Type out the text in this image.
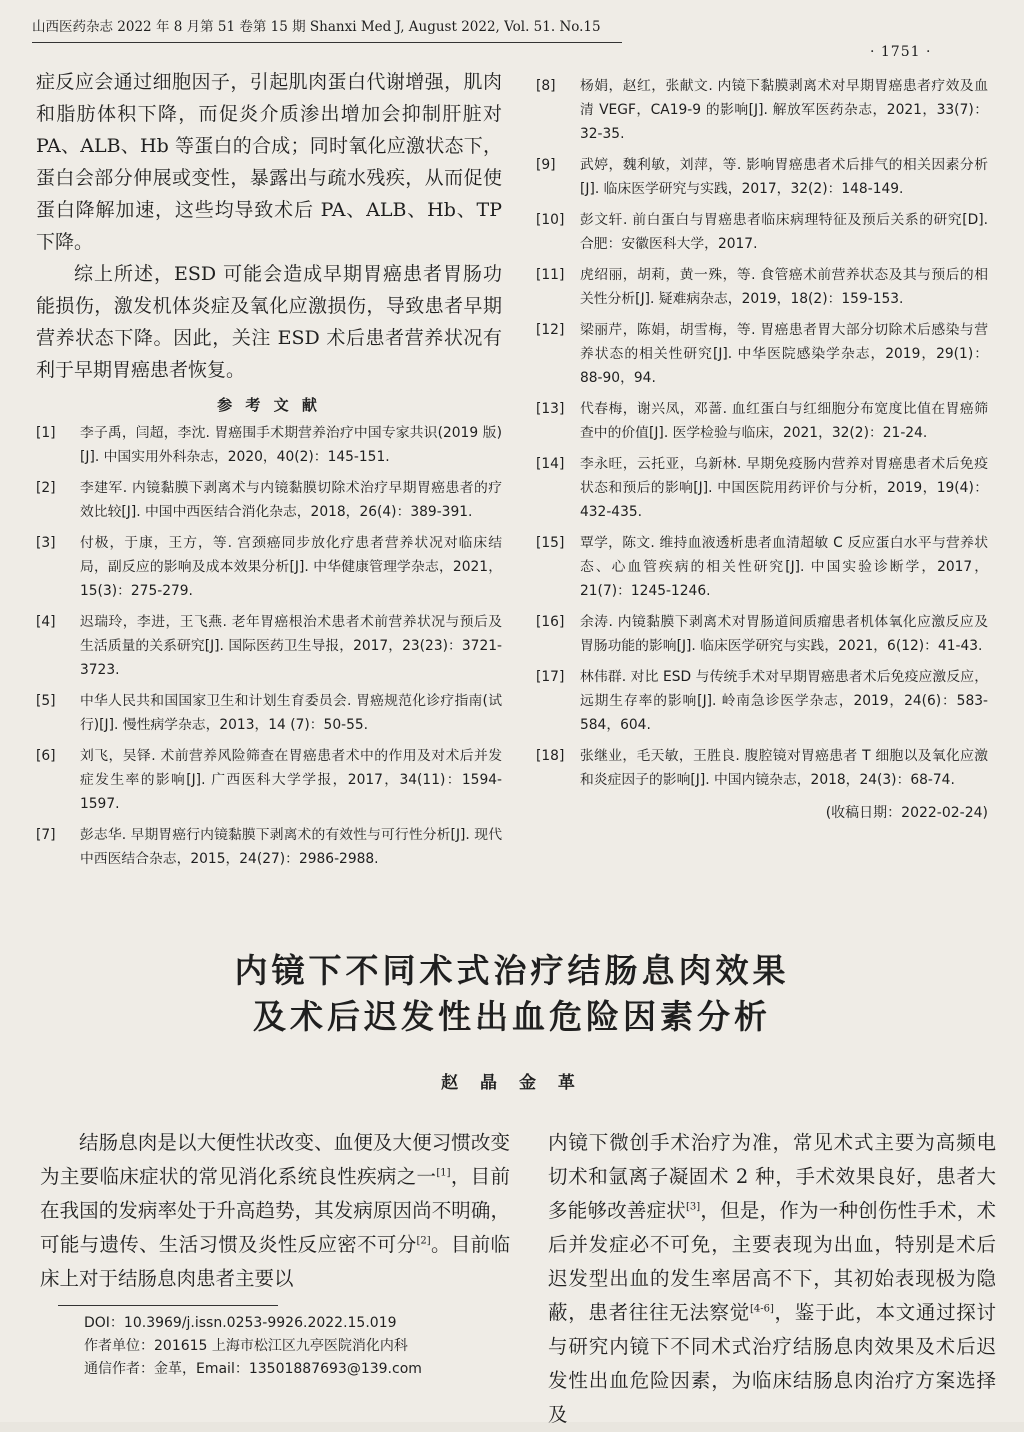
山西医药杂志 2022 年 8 月第 51 卷第 15 期 Shanxi Med J, August 2022, Vol. 51. No.15
· 1751 ·

症反应会通过细胞因子，引起肌肉蛋白代谢增强，肌肉和脂肪体积下降，而促炎介质渗出增加会抑制肝脏对 PA、ALB、Hb 等蛋白的合成；同时氧化应激状态下，蛋白会部分伸展或变性，暴露出与疏水残疾，从而促使蛋白降解加速，这些均导致术后 PA、ALB、Hb、TP 下降。

综上所述，ESD 可能会造成早期胃癌患者胃肠功能损伤，激发机体炎症及氧化应激损伤，导致患者早期营养状态下降。因此，关注 ESD 术后患者营养状况有利于早期胃癌患者恢复。

参 考 文 献
[1] 李子禹，闫超，李沈. 胃癌围手术期营养治疗中国专家共识(2019 版)[J]. 中国实用外科杂志，2020，40(2)：145-151.
[2] 李建军. 内镜黏膜下剥离术与内镜黏膜切除术治疗早期胃癌患者的疗效比较[J]. 中国中西医结合消化杂志，2018，26(4)：389-391.
[3] 付极，于康，王方，等. 宫颈癌同步放化疗患者营养状况对临床结局，副反应的影响及成本效果分析[J]. 中华健康管理学杂志，2021，15(3)：275-279.
[4] 迟瑞玲，李进，王飞燕. 老年胃癌根治术患者术前营养状况与预后及生活质量的关系研究[J]. 国际医药卫生导报，2017，23(23)：3721-3723.
[5] 中华人民共和国国家卫生和计划生育委员会. 胃癌规范化诊疗指南(试行)[J]. 慢性病学杂志，2013，14 (7)：50-55.
[6] 刘飞，吴铎. 术前营养风险筛查在胃癌患者术中的作用及对术后并发症发生率的影响[J]. 广西医科大学学报，2017，34(11)：1594-1597.
[7] 彭志华. 早期胃癌行内镜黏膜下剥离术的有效性与可行性分析[J]. 现代中西医结合杂志，2015，24(27)：2986-2988.
[8] 杨娟，赵红，张献文. 内镜下黏膜剥离术对早期胃癌患者疗效及血清 VEGF，CA19-9 的影响[J]. 解放军医药杂志，2021，33(7)：32-35.
[9] 武婷，魏利敏，刘萍，等. 影响胃癌患者术后排气的相关因素分析[J]. 临床医学研究与实践，2017，32(2)：148-149.
[10] 彭文轩. 前白蛋白与胃癌患者临床病理特征及预后关系的研究[D]. 合肥：安徽医科大学，2017.
[11] 虎绍丽，胡莉，黄一殊，等. 食管癌术前营养状态及其与预后的相关性分析[J]. 疑难病杂志，2019，18(2)：159-153.
[12] 梁丽芹，陈娟，胡雪梅，等. 胃癌患者胃大部分切除术后感染与营养状态的相关性研究[J]. 中华医院感染学杂志，2019，29(1)：88-90，94.
[13] 代春梅，谢兴凤，邓蔷. 血红蛋白与红细胞分布宽度比值在胃癌筛查中的价值[J]. 医学检验与临床，2021，32(2)：21-24.
[14] 李永旺，云托亚，乌新林. 早期免疫肠内营养对胃癌患者术后免疫状态和预后的影响[J]. 中国医院用药评价与分析，2019，19(4)：432-435.
[15] 覃学，陈文. 维持血液透析患者血清超敏 C 反应蛋白水平与营养状态、心血管疾病的相关性研究[J]. 中国实验诊断学，2017，21(7)：1245-1246.
[16] 余涛. 内镜黏膜下剥离术对胃肠道间质瘤患者机体氧化应激反应及胃肠功能的影响[J]. 临床医学研究与实践，2021，6(12)：41-43.
[17] 林伟群. 对比 ESD 与传统手术对早期胃癌患者术后免疫应激反应，远期生存率的影响[J]. 岭南急诊医学杂志，2019，24(6)：583-584，604.
[18] 张继业，毛天敏，王胜良. 腹腔镜对胃癌患者 T 细胞以及氧化应激和炎症因子的影响[J]. 中国内镜杂志，2018，24(3)：68-74.
(收稿日期：2022-02-24)
内镜下不同术式治疗结肠息肉效果
及术后迟发性出血危险因素分析
赵 晶 金 革

结肠息肉是以大便性状改变、血便及大便习惯改变为主要临床症状的常见消化系统良性疾病之一[1]，目前在我国的发病率处于升高趋势，其发病原因尚不明确，可能与遗传、生活习惯及炎性反应密不可分[2]。目前临床上对于结肠息肉患者主要以

内镜下微创手术治疗为准，常见术式主要为高频电切术和氩离子凝固术 2 种，手术效果良好，患者大多能够改善症状[3]，但是，作为一种创伤性手术，术后并发症必不可免，主要表现为出血，特别是术后迟发型出血的发生率居高不下，其初始表现极为隐蔽，患者往往无法察觉[4-6]，鉴于此，本文通过探讨与研究内镜下不同术式治疗结肠息肉效果及术后迟发性出血危险因素，为临床结肠息肉治疗方案选择及

DOI：10.3969/j.issn.0253-9926.2022.15.019
作者单位：201615 上海市松江区九亭医院消化内科
通信作者：金革，Email：13501887693@139.com
